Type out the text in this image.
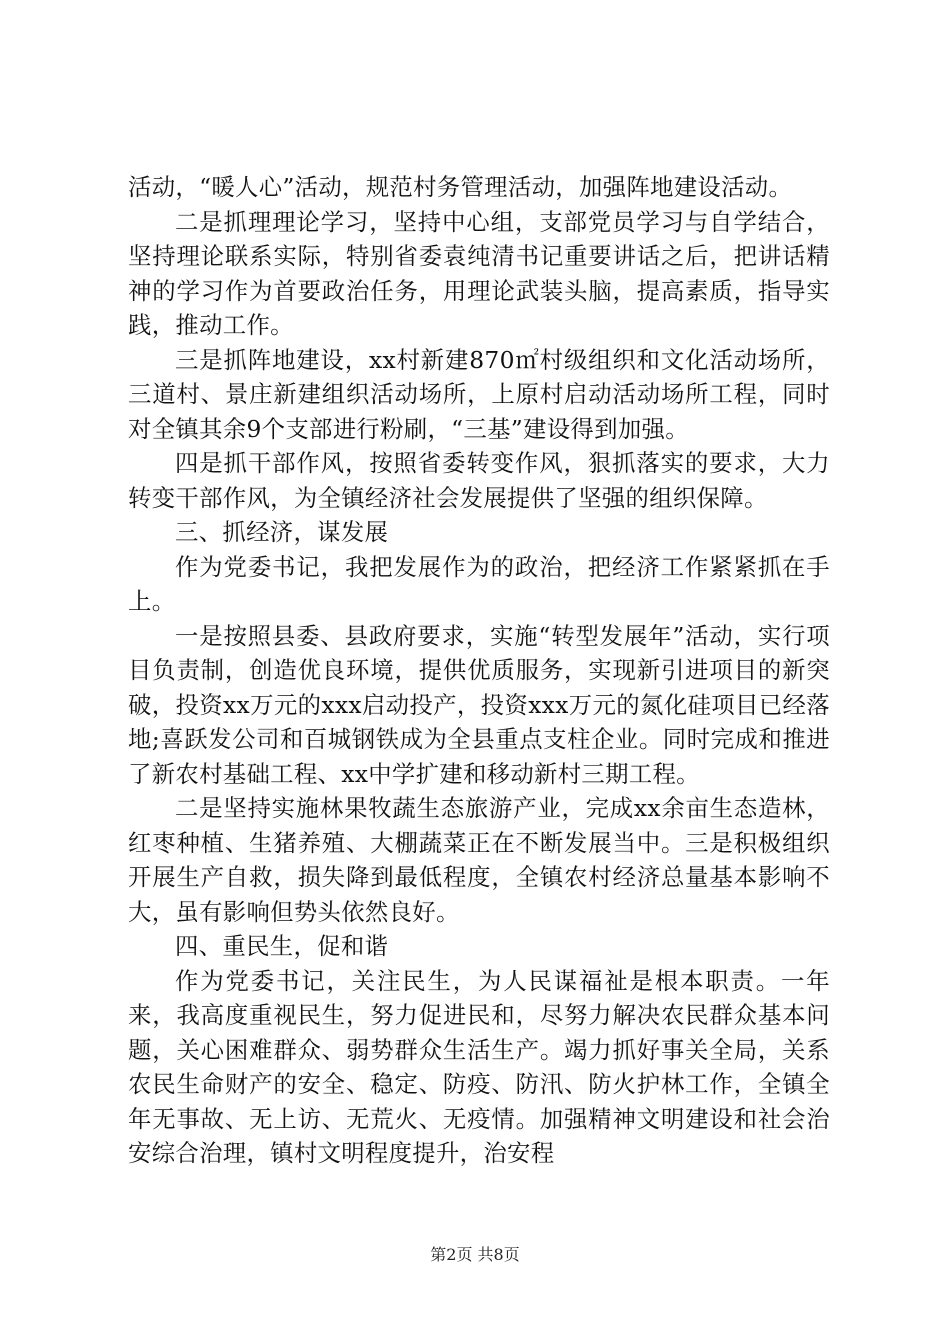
活动，“暖人心”活动，规范村务管理活动，加强阵地建设活动。

二是抓理理论学习，坚持中心组，支部党员学习与自学结合，坚持理论联系实际，特别省委袁纯清书记重要讲话之后，把讲话精神的学习作为首要政治任务，用理论武装头脑，提高素质，指导实践，推动工作。

三是抓阵地建设，xx村新建870㎡村级组织和文化活动场所，三道村、景庄新建组织活动场所，上原村启动活动场所工程，同时对全镇其余9个支部进行粉刷，“三基”建设得到加强。

四是抓干部作风，按照省委转变作风，狠抓落实的要求，大力转变干部作风，为全镇经济社会发展提供了坚强的组织保障。

三、抓经济，谋发展

作为党委书记，我把发展作为的政治，把经济工作紧紧抓在手上。

一是按照县委、县政府要求，实施“转型发展年”活动，实行项目负责制，创造优良环境，提供优质服务，实现新引进项目的新突破，投资xx万元的xxx启动投产，投资xxx万元的氮化硅项目已经落地;喜跃发公司和百城钢铁成为全县重点支柱企业。同时完成和推进了新农村基础工程、xx中学扩建和移动新村三期工程。

二是坚持实施林果牧蔬生态旅游产业，完成xx余亩生态造林，红枣种植、生猪养殖、大棚蔬菜正在不断发展当中。三是积极组织开展生产自救，损失降到最低程度，全镇农村经济总量基本影响不大，虽有影响但势头依然良好。

四、重民生，促和谐

作为党委书记，关注民生，为人民谋福祉是根本职责。一年来，我高度重视民生，努力促进民和，尽努力解决农民群众基本问题，关心困难群众、弱势群众生活生产。竭力抓好事关全局，关系农民生命财产的安全、稳定、防疫、防汛、防火护林工作，全镇全年无事故、无上访、无荒火、无疫情。加强精神文明建设和社会治安综合治理，镇村文明程度提升，治安程

第2页 共8页
